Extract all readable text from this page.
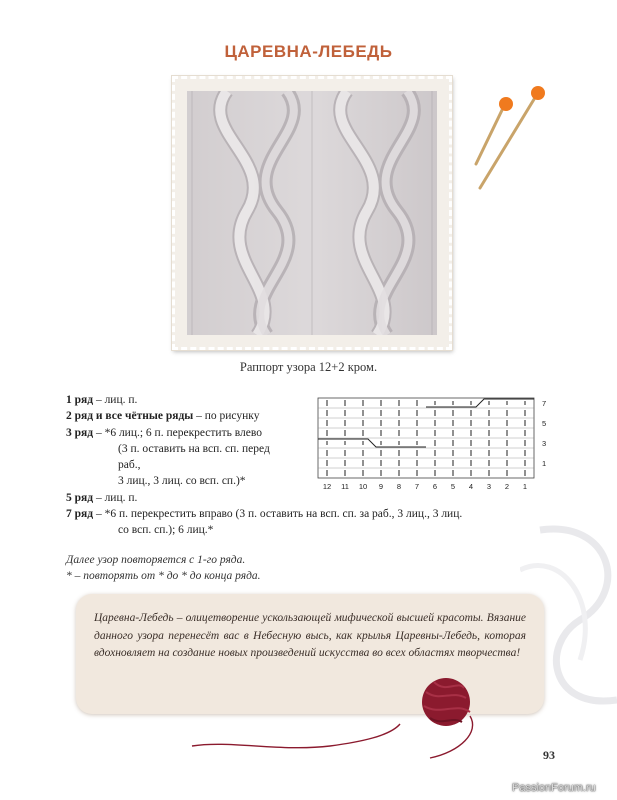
ЦАРЕВНА-ЛЕБЕДЬ
Раппорт узора 12+2 кром.
1 ряд – лиц. п.
2 ряд и все чётные ряды – по рисунку
3 ряд – *6 лиц.; 6 п. перекрестить влево
(3 п. оставить на всп. сп. перед
раб.,
3 лиц., 3 лиц. со всп. сп.)*
5 ряд – лиц. п.
7 ряд – *6 п. перекрестить вправо (3 п. оставить на всп. сп. за раб., 3 лиц., 3 лиц.
со всп. сп.); 6 лиц.*
12 11 10 9 8 7 6 5 4 3 2 1
7
5
3
1
Далее узор повторяется с 1-го ряда.
* – повторять от * до * до конца ряда.
Царевна-Лебедь – олицетворение ускользающей мифической высшей красоты. Вязание данного узора перенесёт вас в Небесную высь, как крылья Царевны-Лебедь, которая вдохновляет на создание новых произведений искусства во всех областях творчества!
93
PassionForum.ru
